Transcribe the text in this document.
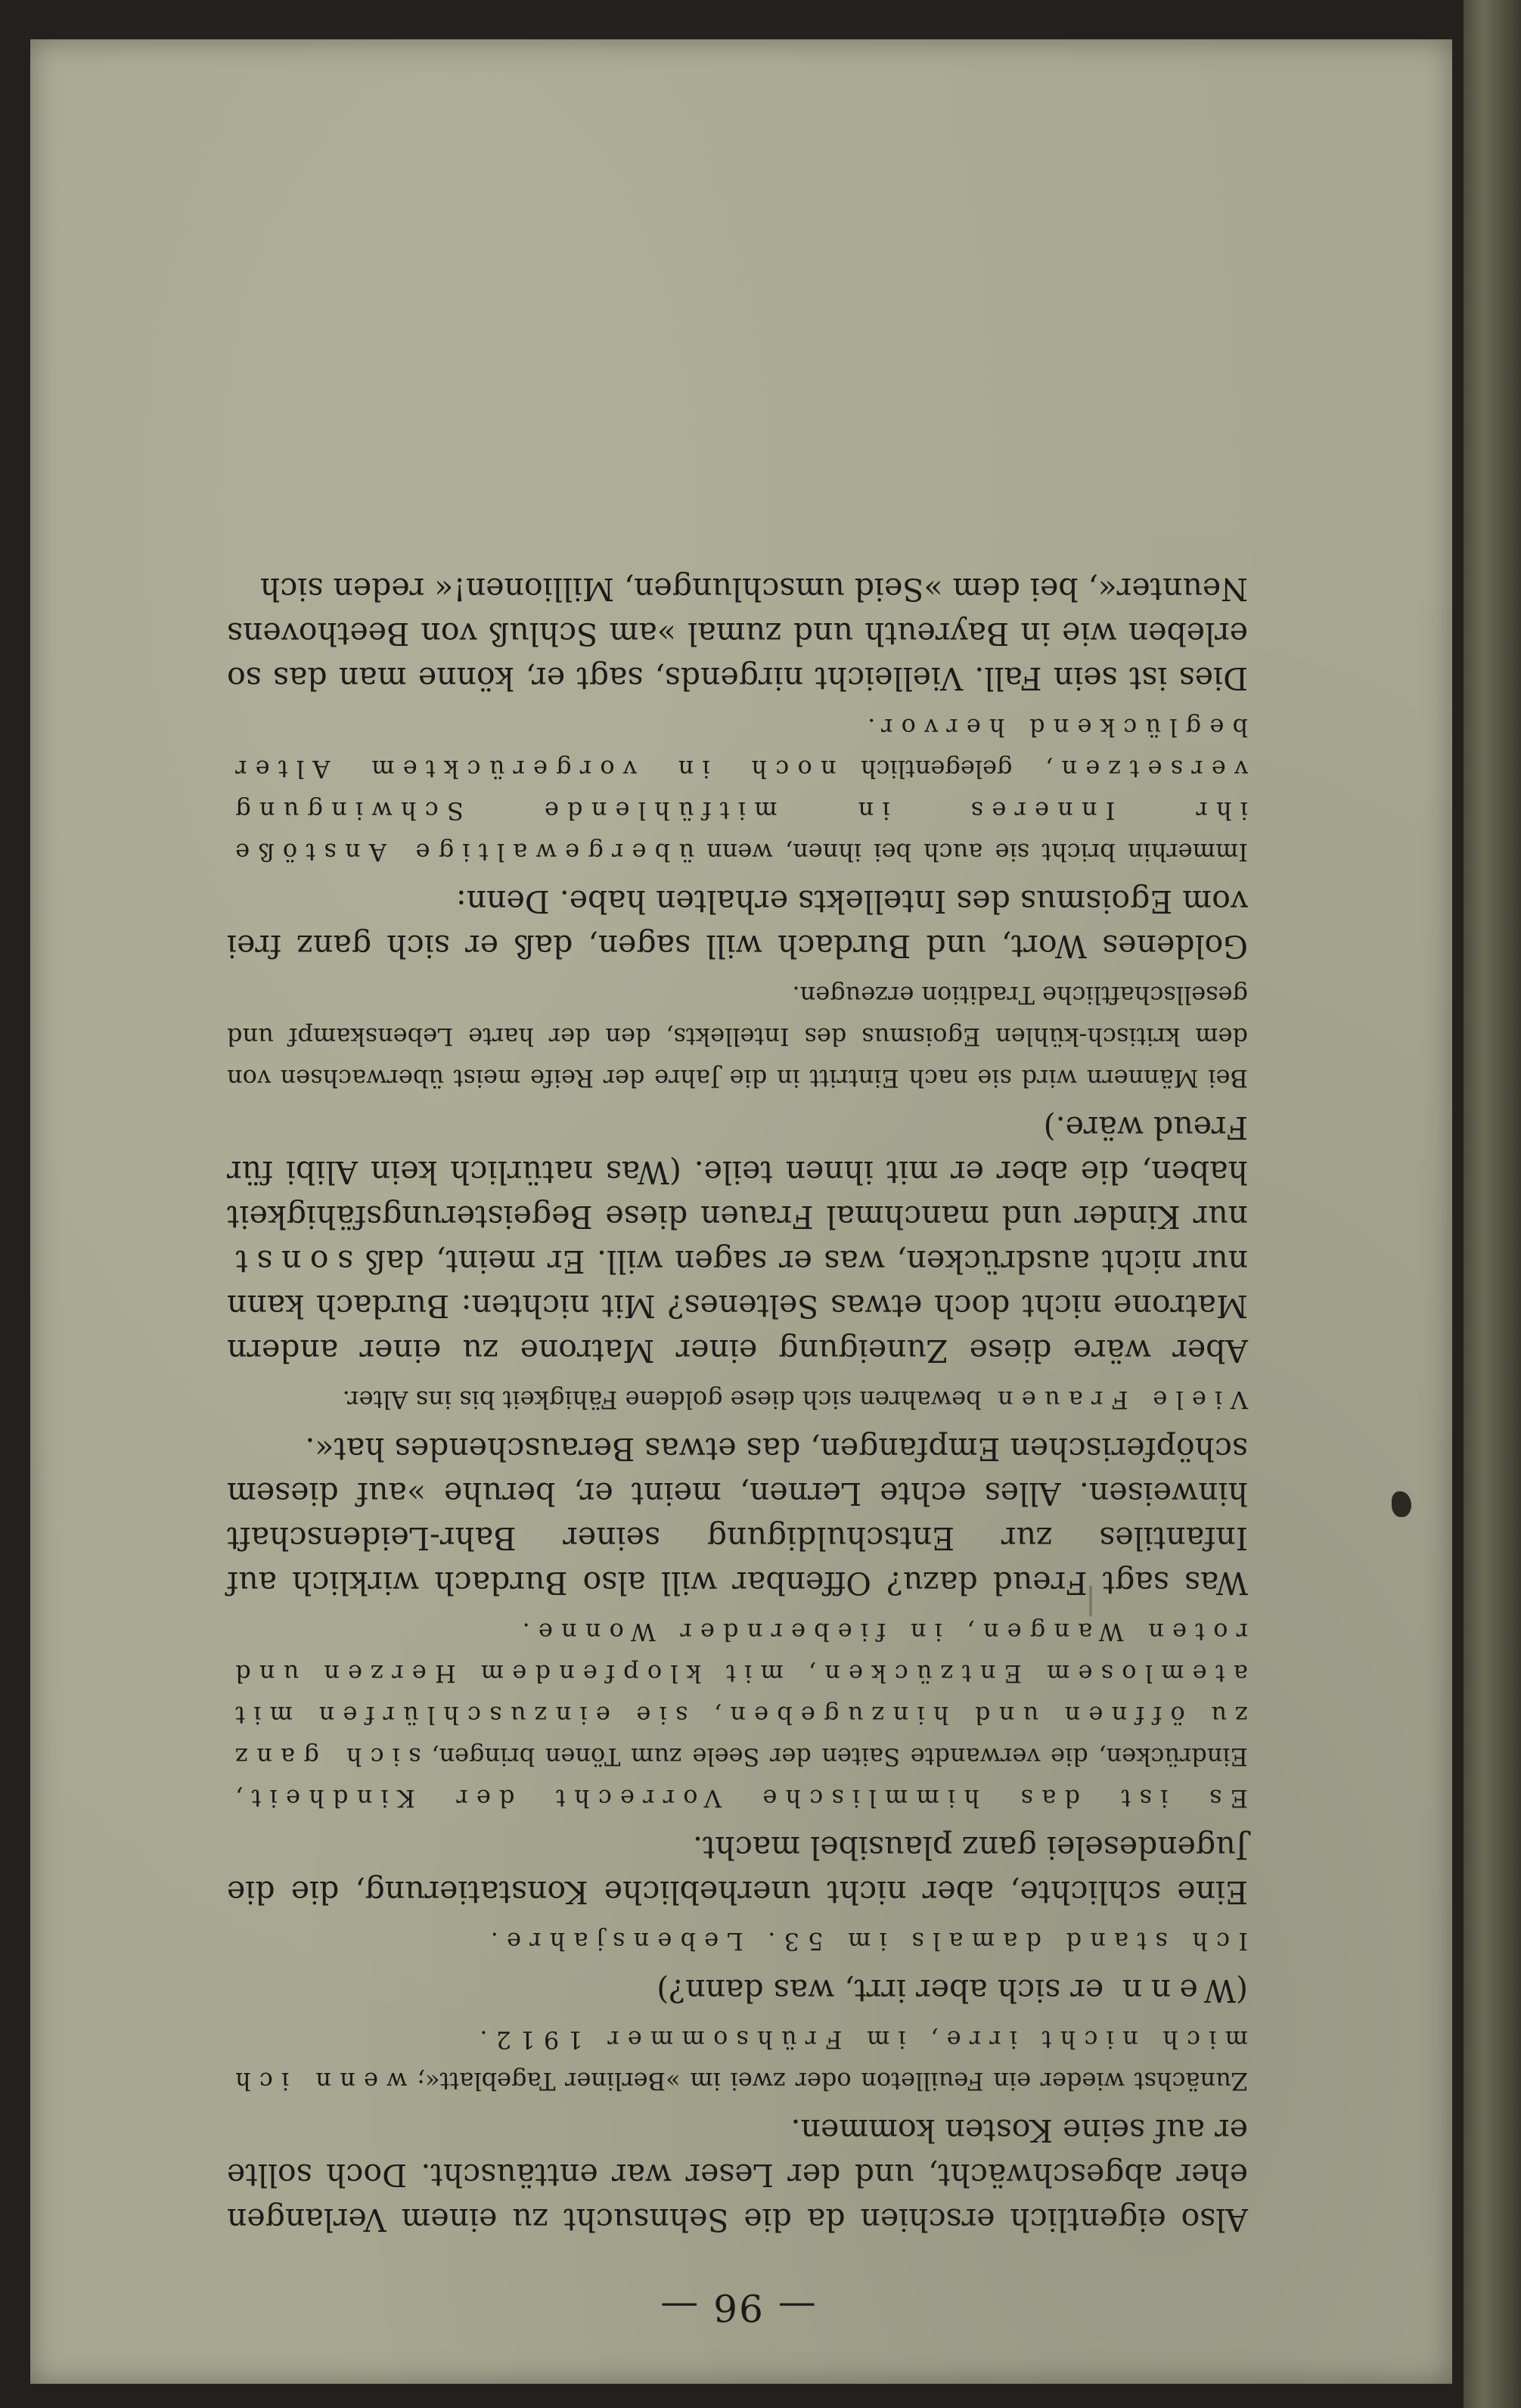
— 96 —

Also eigentlich erschien da die Sehnsucht zu einem Verlangen eher abgeschwächt, und der Leser war enttäuscht. Doch sollte er auf seine Kosten kommen.

Zunächst wieder ein Feuilleton oder zwei im »Berliner Tageblatt«; wenn ich mich nicht irre, im Frühsommer 1912.

(Wenn er sich aber irrt, was dann?)

Ich stand damals im 53. Lebensjahre.

Eine schlichte, aber nicht unerhebliche Konstatierung, die die Jugendeselei ganz plausibel macht.

Es ist das himmlische Vorrecht der Kindheit, Eindrücken, die verwandte Saiten der Seele zum Tönen bringen, sich ganz zu öffnen und hinzugeben, sie einzuschlürfen mit atemlosem Entzücken, mit klopfendem Herzen und roten Wangen, in fiebernder Wonne.

Was sagt Freud dazu? Offenbar will also Burdach wirklich auf Infantiles zur Entschuldigung seiner Bahr-Leidenschaft hinweisen. Alles echte Lernen, meint er, beruhe »auf diesem schöpferischen Empfangen, das etwas Berauschendes hat«.

Viele Frauen bewahren sich diese goldene Fähigkeit bis ins Alter.

Aber wäre diese Zuneigung einer Matrone zu einer andern Matrone nicht doch etwas Seltenes? Mit nichten: Burdach kann nur nicht ausdrücken, was er sagen will. Er meint, daß sonst nur Kinder und manchmal Frauen diese Begeisterungsfähigkeit haben, die aber er mit ihnen teile. (Was natürlich kein Alibi für Freud wäre.)

Bei Männern wird sie nach Eintritt in die Jahre der Reife meist überwachsen von dem kritisch-kühlen Egoismus des Intellekts, den der harte Lebenskampf und gesellschaftliche Tradition erzeugen.

Goldenes Wort, und Burdach will sagen, daß er sich ganz frei vom Egoismus des Intellekts erhalten habe. Denn:

Immerhin bricht sie auch bei ihnen, wenn übergewaltige Anstöße ihr Inneres in mitfühlende Schwingung versetzen, gelegentlich noch in vorgerücktem Alter beglückend hervor.

Dies ist sein Fall. Vielleicht nirgends, sagt er, könne man das so erleben wie in Bayreuth und zumal »am Schluß von Beethovens Neunter«, bei dem »Seid umschlungen, Millionen!« reden sich
